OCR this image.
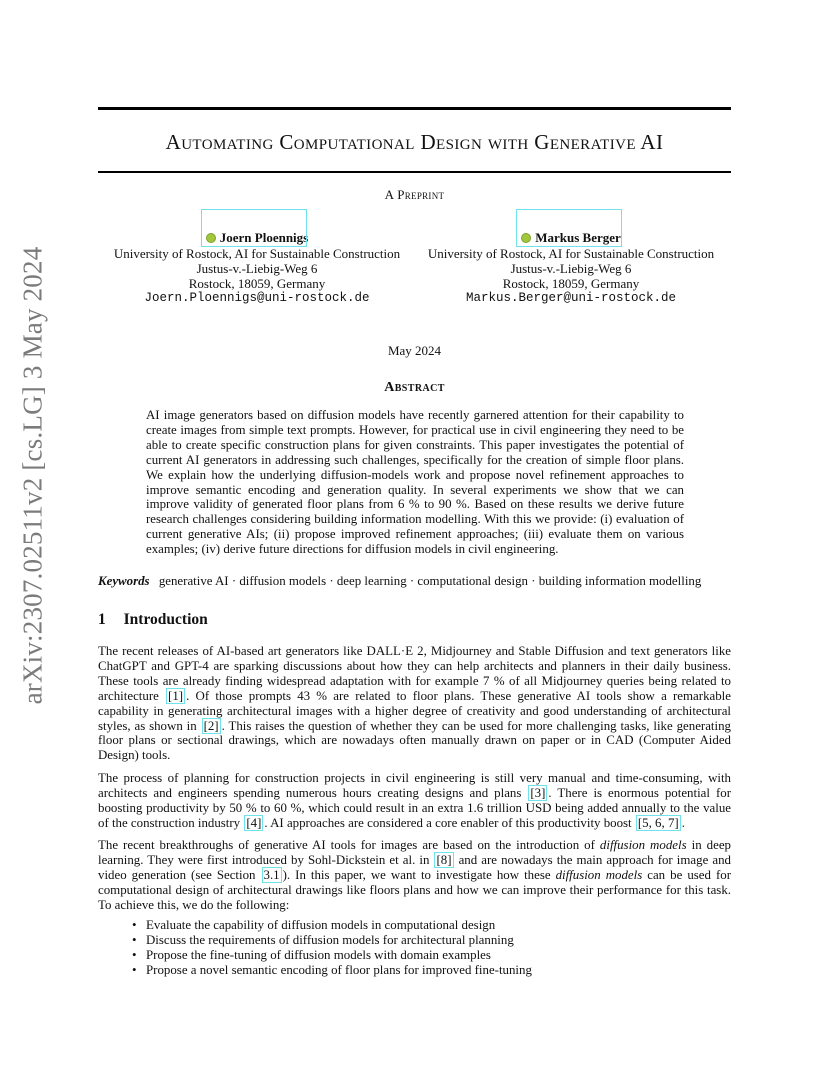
arXiv:2307.02511v2 [cs.LG] 3 May 2024
Automating Computational Design with Generative AI
A Preprint
Joern Ploennigs
University of Rostock, AI for Sustainable Construction
Justus-v.-Liebig-Weg 6
Rostock, 18059, Germany
Joern.Ploennigs@uni-rostock.de
Markus Berger
University of Rostock, AI for Sustainable Construction
Justus-v.-Liebig-Weg 6
Rostock, 18059, Germany
Markus.Berger@uni-rostock.de
May 2024
Abstract
AI image generators based on diffusion models have recently garnered attention for their capability to create images from simple text prompts. However, for practical use in civil engineering they need to be able to create specific construction plans for given constraints. This paper investigates the potential of current AI generators in addressing such challenges, specifically for the creation of simple floor plans. We explain how the underlying diffusion-models work and propose novel refinement approaches to improve semantic encoding and generation quality. In several experiments we show that we can improve validity of generated floor plans from 6 % to 90 %. Based on these results we derive future research challenges considering building information modelling. With this we provide: (i) evaluation of current generative AIs; (ii) propose improved refinement approaches; (iii) evaluate them on various examples; (iv) derive future directions for diffusion models in civil engineering.
Keywords generative AI · diffusion models · deep learning · computational design · building information modelling
1 Introduction

The recent releases of AI-based art generators like DALL·E 2, Midjourney and Stable Diffusion and text generators like ChatGPT and GPT-4 are sparking discussions about how they can help architects and planners in their daily business. These tools are already finding widespread adaptation with for example 7 % of all Midjourney queries being related to architecture [1] . Of those prompts 43 % are related to floor plans. These generative AI tools show a remarkable capability in generating architectural images with a higher degree of creativity and good understanding of architectural styles, as shown in [2] . This raises the question of whether they can be used for more challenging tasks, like generating floor plans or sectional drawings, which are nowadays often manually drawn on paper or in CAD (Computer Aided Design) tools.

The process of planning for construction projects in civil engineering is still very manual and time-consuming, with architects and engineers spending numerous hours creating designs and plans [3] . There is enormous potential for boosting productivity by 50 % to 60 %, which could result in an extra 1.6 trillion USD being added annually to the value of the construction industry [4] . AI approaches are considered a core enabler of this productivity boost [5, 6, 7] .

The recent breakthroughs of generative AI tools for images are based on the introduction of diffusion models in deep learning. They were first introduced by Sohl-Dickstein et al. in [8] and are nowadays the main approach for image and video generation (see Section 3.1 ). In this paper, we want to investigate how these diffusion models can be used for computational design of architectural drawings like floors plans and how we can improve their performance for this task. To achieve this, we do the following:

• Evaluate the capability of diffusion models in computational design
• Discuss the requirements of diffusion models for architectural planning
• Propose the fine-tuning of diffusion models with domain examples
• Propose a novel semantic encoding of floor plans for improved fine-tuning
